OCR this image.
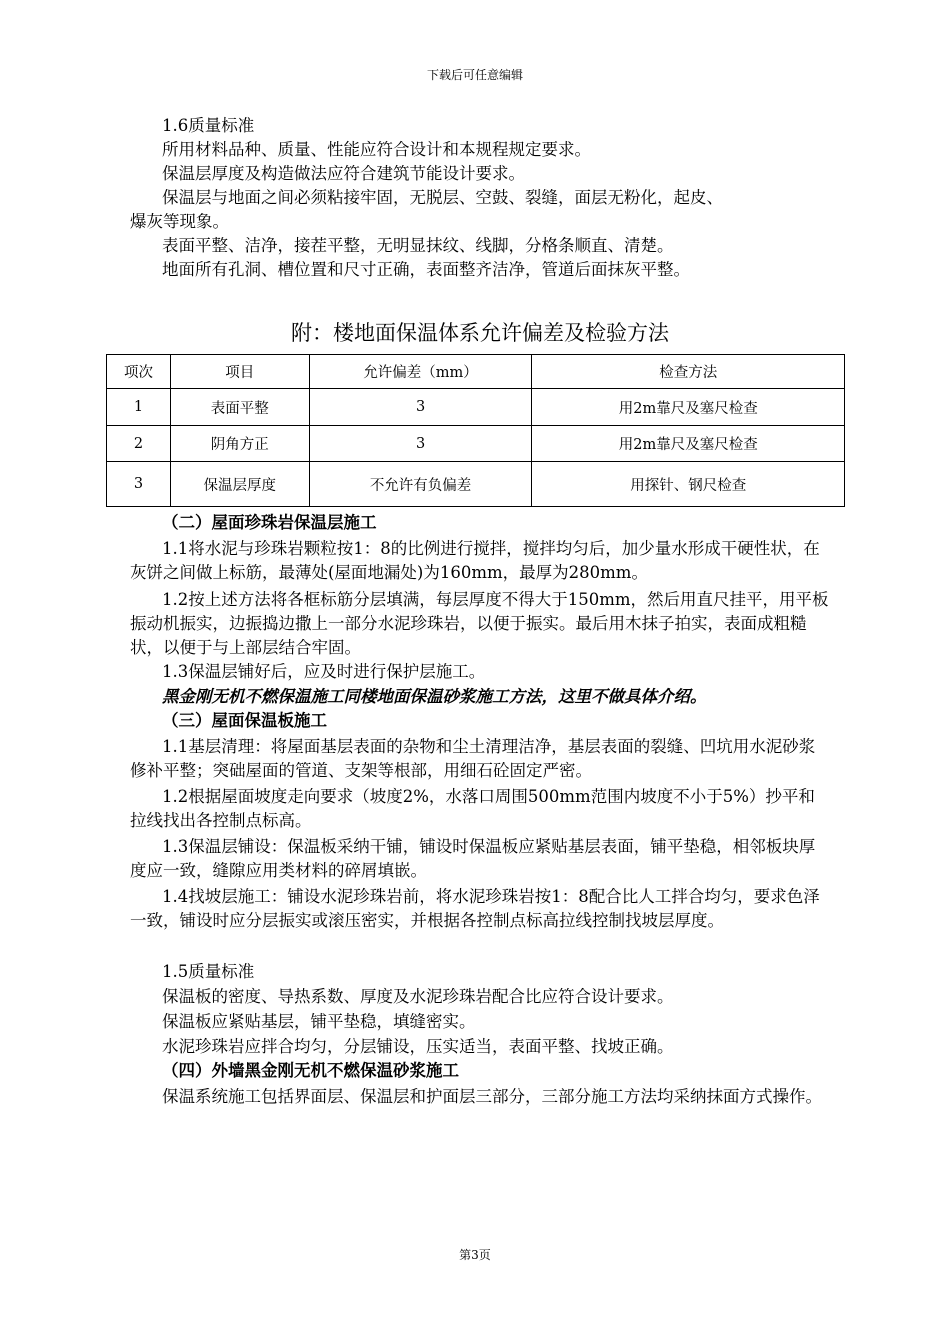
下载后可任意编辑
1.6质量标准
所用材料品种、质量、性能应符合设计和本规程规定要求。
保温层厚度及构造做法应符合建筑节能设计要求。
保温层与地面之间必须粘接牢固，无脱层、空鼓、裂缝，面层无粉化，起皮、
爆灰等现象。
表面平整、洁净，接茬平整，无明显抹纹、线脚，分格条顺直、清楚。
地面所有孔洞、槽位置和尺寸正确，表面整齐洁净，管道后面抹灰平整。
附：楼地面保温体系允许偏差及检验方法
项次	项目	允许偏差（mm）	检查方法
1	表面平整	3	用2m靠尺及塞尺检查
2	阴角方正	3	用2m靠尺及塞尺检查
3	保温层厚度	不允许有负偏差	用探针、钢尺检查
（二）屋面珍珠岩保温层施工
1.1将水泥与珍珠岩颗粒按1：8的比例进行搅拌，搅拌均匀后，加少量水形成干硬性状，在灰饼之间做上标筋，最薄处(屋面地漏处)为160mm，最厚为280mm。
1.2按上述方法将各框标筋分层填满，每层厚度不得大于150mm，然后用直尺挂平，用平板振动机振实，边振捣边撒上一部分水泥珍珠岩，以便于振实。最后用木抹子拍实，表面成粗糙状，以便于与上部层结合牢固。
1.3保温层铺好后，应及时进行保护层施工。
黑金刚无机不燃保温施工同楼地面保温砂浆施工方法，这里不做具体介绍。
（三）屋面保温板施工
1.1基层清理：将屋面基层表面的杂物和尘土清理洁净，基层表面的裂缝、凹坑用水泥砂浆修补平整；突础屋面的管道、支架等根部，用细石砼固定严密。
1.2根据屋面坡度走向要求（坡度2%，水落口周围500mm范围内坡度不小于5%）抄平和拉线找出各控制点标高。
1.3保温层铺设：保温板采纳干铺，铺设时保温板应紧贴基层表面，铺平垫稳，相邻板块厚度应一致，缝隙应用类材料的碎屑填嵌。
1.4找坡层施工：铺设水泥珍珠岩前，将水泥珍珠岩按1：8配合比人工拌合均匀，要求色泽一致，铺设时应分层振实或滚压密实，并根据各控制点标高拉线控制找坡层厚度。
1.5质量标准
保温板的密度、导热系数、厚度及水泥珍珠岩配合比应符合设计要求。
保温板应紧贴基层，铺平垫稳，填缝密实。
水泥珍珠岩应拌合均匀，分层铺设，压实适当，表面平整、找坡正确。
（四）外墙黑金刚无机不燃保温砂浆施工
保温系统施工包括界面层、保温层和护面层三部分，三部分施工方法均采纳抹面方式操作。
第3页
